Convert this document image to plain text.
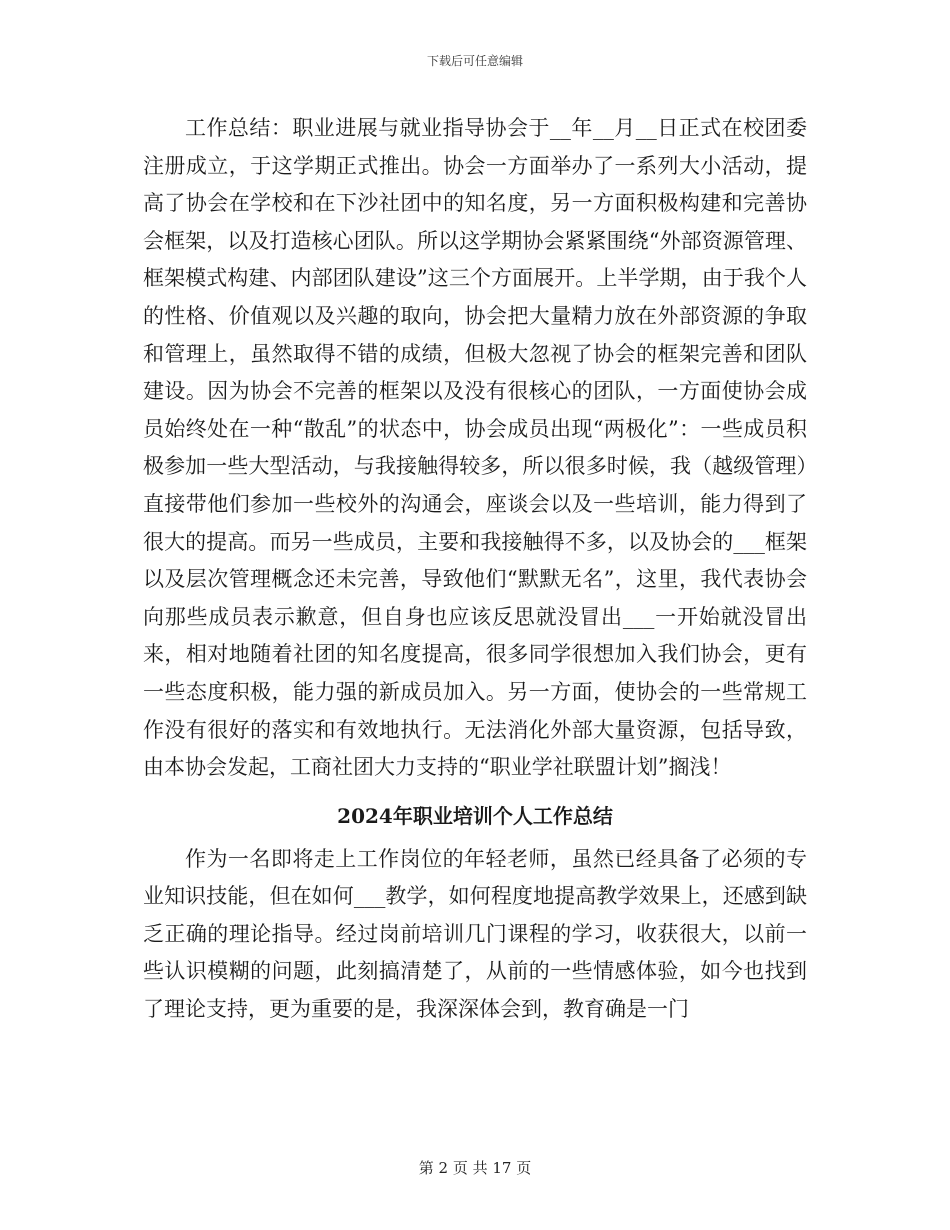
下载后可任意编辑

工作总结：职业进展与就业指导协会于__年__月__日正式在校团委注册成立，于这学期正式推出。协会一方面举办了一系列大小活动，提高了协会在学校和在下沙社团中的知名度，另一方面积极构建和完善协会框架，以及打造核心团队。所以这学期协会紧紧围绕“外部资源管理、框架模式构建、内部团队建设”这三个方面展开。上半学期，由于我个人的性格、价值观以及兴趣的取向，协会把大量精力放在外部资源的争取和管理上，虽然取得不错的成绩，但极大忽视了协会的框架完善和团队建设。因为协会不完善的框架以及没有很核心的团队，一方面使协会成员始终处在一种“散乱”的状态中，协会成员出现“两极化”：一些成员积极参加一些大型活动，与我接触得较多，所以很多时候，我（越级管理）直接带他们参加一些校外的沟通会，座谈会以及一些培训，能力得到了很大的提高。而另一些成员，主要和我接触得不多，以及协会的___框架以及层次管理概念还未完善，导致他们“默默无名”，这里，我代表协会向那些成员表示歉意，但自身也应该反思就没冒出___一开始就没冒出来，相对地随着社团的知名度提高，很多同学很想加入我们协会，更有一些态度积极，能力强的新成员加入。另一方面，使协会的一些常规工作没有很好的落实和有效地执行。无法消化外部大量资源，包括导致，由本协会发起，工商社团大力支持的“职业学社联盟计划”搁浅！

2024年职业培训个人工作总结

作为一名即将走上工作岗位的年轻老师，虽然已经具备了必须的专业知识技能，但在如何___教学，如何程度地提高教学效果上，还感到缺乏正确的理论指导。经过岗前培训几门课程的学习，收获很大，以前一些认识模糊的问题，此刻搞清楚了，从前的一些情感体验，如今也找到了理论支持，更为重要的是，我深深体会到，教育确是一门

第 2 页 共 17 页
